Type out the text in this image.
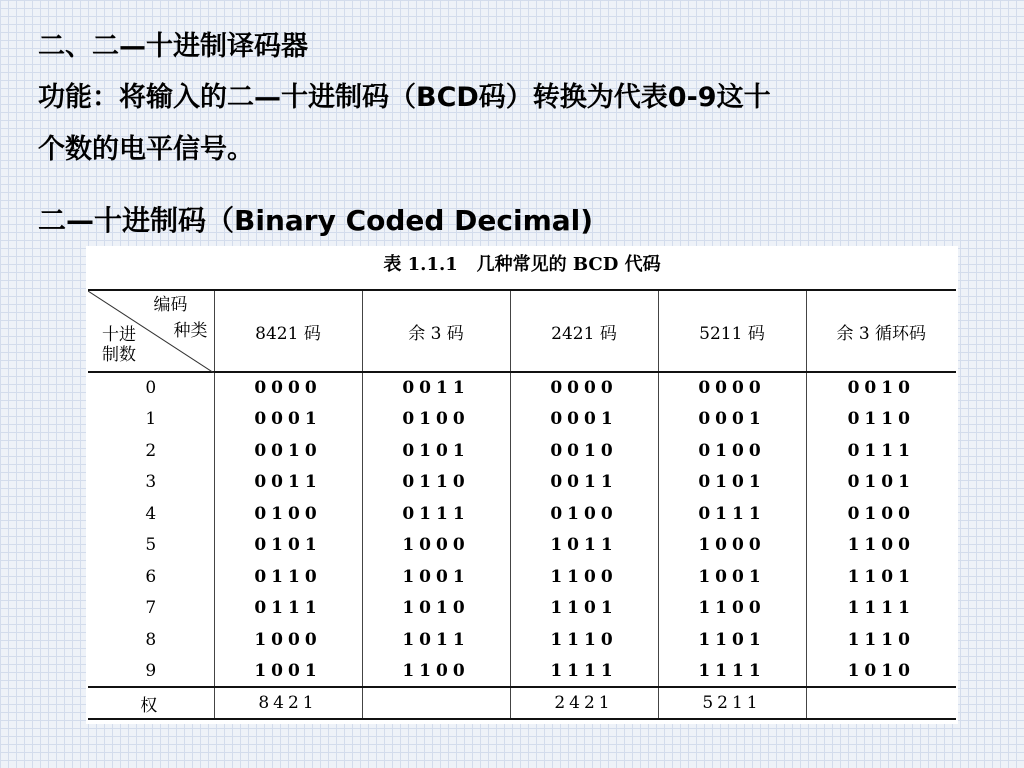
二、二—十进制译码器
功能：将输入的二—十进制码（BCD码）转换为代表0-9这十
个数的电平信号。
二—十进制码（Binary Coded Decimal)
表 1.1.1   几种常见的 BCD 代码
编码
种类
十进
制数	8421 码	余 3 码	2421 码	5211 码	余 3 循环码
0	0000	0011	0000	0000	0010
1	0001	0100	0001	0001	0110
2	0010	0101	0010	0100	0111
3	0011	0110	0011	0101	0101
4	0100	0111	0100	0111	0100
5	0101	1000	1011	1000	1100
6	0110	1001	1100	1001	1101
7	0111	1010	1101	1100	1111
8	1000	1011	1110	1101	1110
9	1001	1100	1111	1111	1010
权	8421		2421	5211	
